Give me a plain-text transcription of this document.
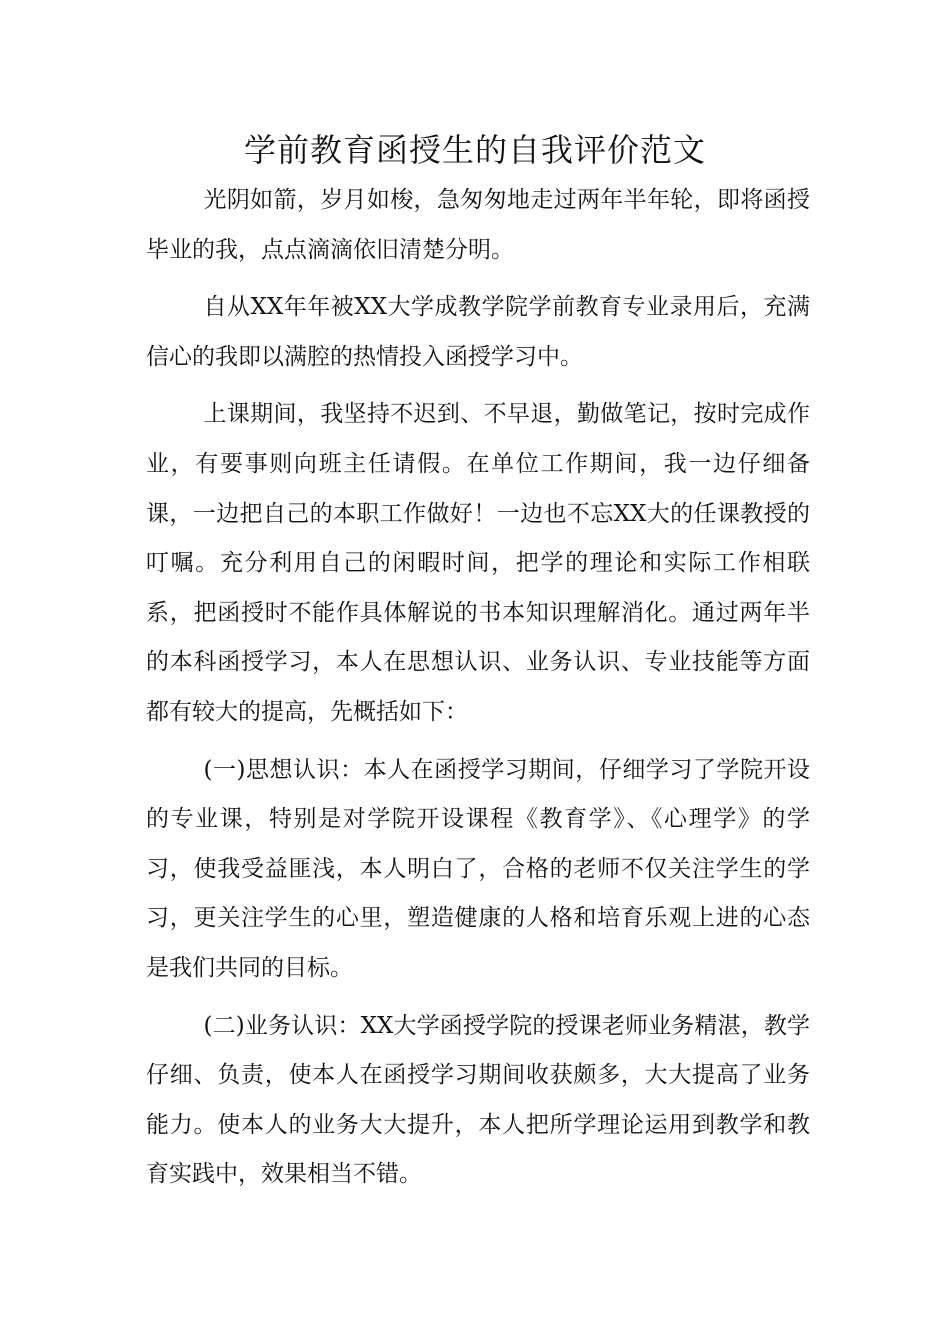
学前教育函授生的自我评价范文

光阴如箭，岁月如梭，急匆匆地走过两年半年轮，即将函授毕业的我，点点滴滴依旧清楚分明。

自从XX年年被XX大学成教学院学前教育专业录用后，充满信心的我即以满腔的热情投入函授学习中。

上课期间，我坚持不迟到、不早退，勤做笔记，按时完成作业，有要事则向班主任请假。在单位工作期间，我一边仔细备课，一边把自己的本职工作做好！一边也不忘XX大的任课教授的叮嘱。充分利用自己的闲暇时间，把学的理论和实际工作相联系，把函授时不能作具体解说的书本知识理解消化。通过两年半的本科函授学习，本人在思想认识、业务认识、专业技能等方面都有较大的提高，先概括如下：

(一)思想认识：本人在函授学习期间，仔细学习了学院开设的专业课，特别是对学院开设课程《教育学》、《心理学》的学习，使我受益匪浅，本人明白了，合格的老师不仅关注学生的学习，更关注学生的心里，塑造健康的人格和培育乐观上进的心态是我们共同的目标。

(二)业务认识：XX大学函授学院的授课老师业务精湛，教学仔细、负责，使本人在函授学习期间收获颇多，大大提高了业务能力。使本人的业务大大提升，本人把所学理论运用到教学和教育实践中，效果相当不错。
